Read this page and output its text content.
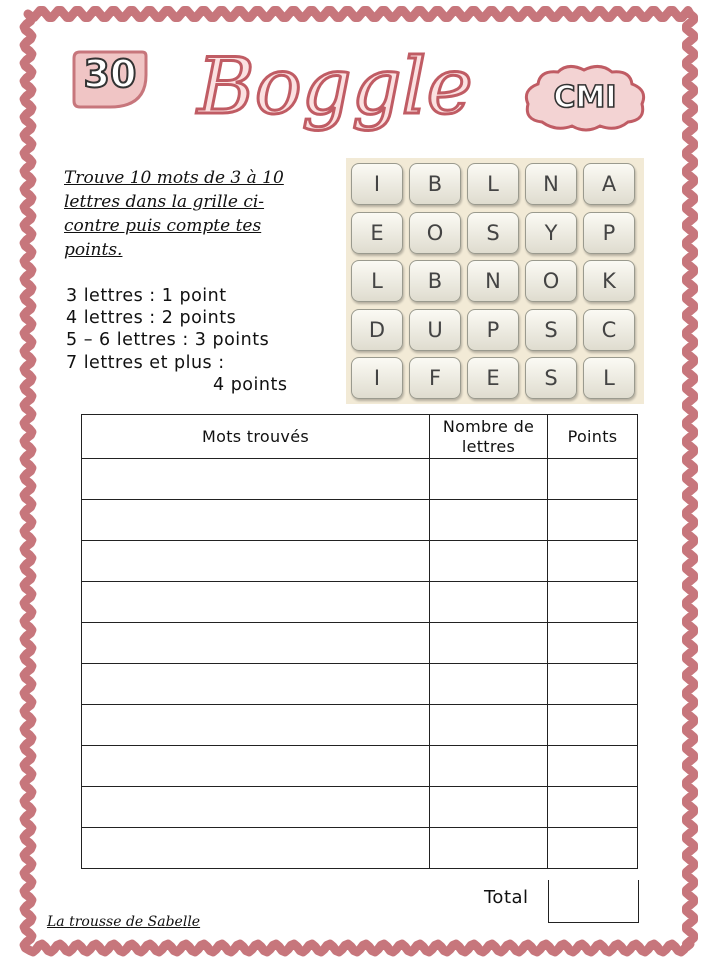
30 Boggle	CMI
Trouve 10 mots de 3 à 10 lettres dans la grille ci-contre puis compte tes points.
3 lettres : 1 point
4 lettres : 2 points
5 – 6 lettres : 3 points
7 lettres et plus :
4 points
I	B	L	N	A
E	O	S	Y	P
L	B	N	O	K
D	U	P	S	C
I	F	E	S	L
Mots trouvés	Nombre de lettres	Points

Total
La trousse de Sabelle
